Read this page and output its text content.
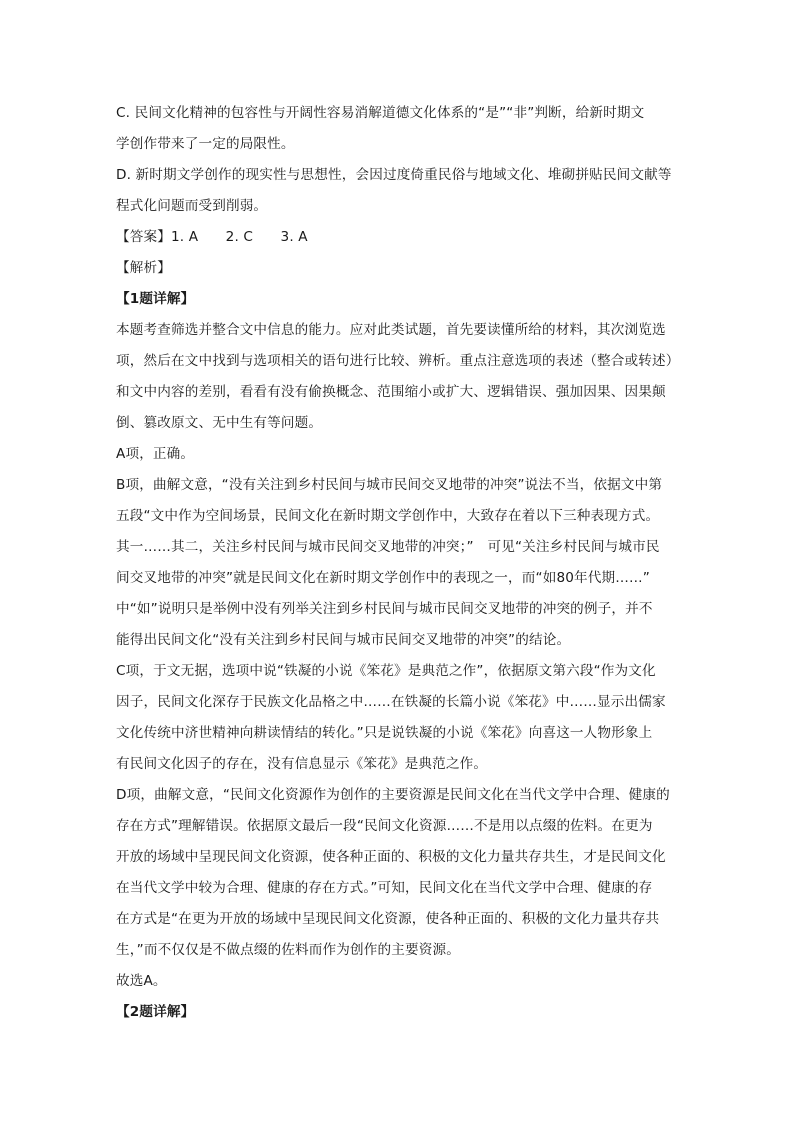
C. 民间文化精神的包容性与开阔性容易消解道德文化体系的“是”“非”判断，给新时期文
学创作带来了一定的局限性。
D. 新时期文学创作的现实性与思想性，会因过度倚重民俗与地域文化、堆砌拼贴民间文献等
程式化问题而受到削弱。
【答案】1. A　　2. C　　3. A
【解析】
【1题详解】
本题考查筛选并整合文中信息的能力。应对此类试题，首先要读懂所给的材料，其次浏览选
项，然后在文中找到与选项相关的语句进行比较、辨析。重点注意选项的表述（整合或转述）
和文中内容的差别，看看有没有偷换概念、范围缩小或扩大、逻辑错误、强加因果、因果颠
倒、篡改原文、无中生有等问题。
A项，正确。
B项，曲解文意，“没有关注到乡村民间与城市民间交叉地带的冲突”说法不当，依据文中第
五段“文中作为空间场景，民间文化在新时期文学创作中，大致存在着以下三种表现方式。
其一……其二，关注乡村民间与城市民间交叉地带的冲突；”　可见“关注乡村民间与城市民
间交叉地带的冲突”就是民间文化在新时期文学创作中的表现之一，而“如80年代期……”
中“如”说明只是举例中没有列举关注到乡村民间与城市民间交叉地带的冲突的例子，并不
能得出民间文化“没有关注到乡村民间与城市民间交叉地带的冲突”的结论。
C项，于文无据，选项中说“铁凝的小说《笨花》是典范之作”，依据原文第六段“作为文化
因子，民间文化深存于民族文化品格之中……在铁凝的长篇小说《笨花》中……显示出儒家
文化传统中济世精神向耕读情结的转化。”只是说铁凝的小说《笨花》向喜这一人物形象上
有民间文化因子的存在，没有信息显示《笨花》是典范之作。
D项，曲解文意，“民间文化资源作为创作的主要资源是民间文化在当代文学中合理、健康的
存在方式”理解错误。依据原文最后一段“民间文化资源……不是用以点缀的佐料。在更为
开放的场域中呈现民间文化资源，使各种正面的、积极的文化力量共存共生，才是民间文化
在当代文学中较为合理、健康的存在方式。”可知，民间文化在当代文学中合理、健康的存
在方式是“在更为开放的场域中呈现民间文化资源，使各种正面的、积极的文化力量共存共
生，”而不仅仅是不做点缀的佐料而作为创作的主要资源。
故选A。
【2题详解】
